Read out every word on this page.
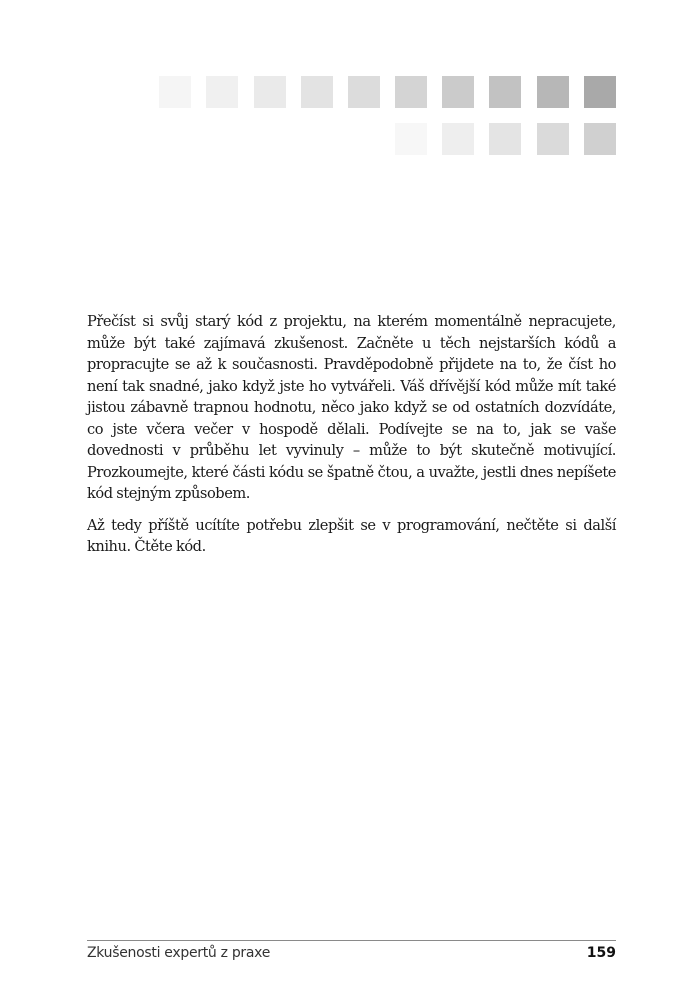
Přečíst si svůj starý kód z projektu, na kterém momentálně nepracujete, může být také zajímavá zkušenost. Začněte u těch nejstarších kódů a propracujte se až k současnosti. Pravděpodobně přijdete na to, že číst ho není tak snadné, jako když jste ho vytvářeli. Váš dřívější kód může mít také jistou zábavně trapnou hodnotu, něco jako když se od ostatních dozvídáte, co jste včera večer v hospodě dělali. Podívejte se na to, jak se vaše dovednosti v průběhu let vyvinuly – může to být skutečně motivující. Prozkoumejte, které části kódu se špatně čtou, a uvažte, jestli dnes nepíšete kód stejným způsobem.

Až tedy příště ucítíte potřebu zlepšit se v programování, nečtěte si další knihu. Čtěte kód.

Zkušenosti expertů z praxe	159
